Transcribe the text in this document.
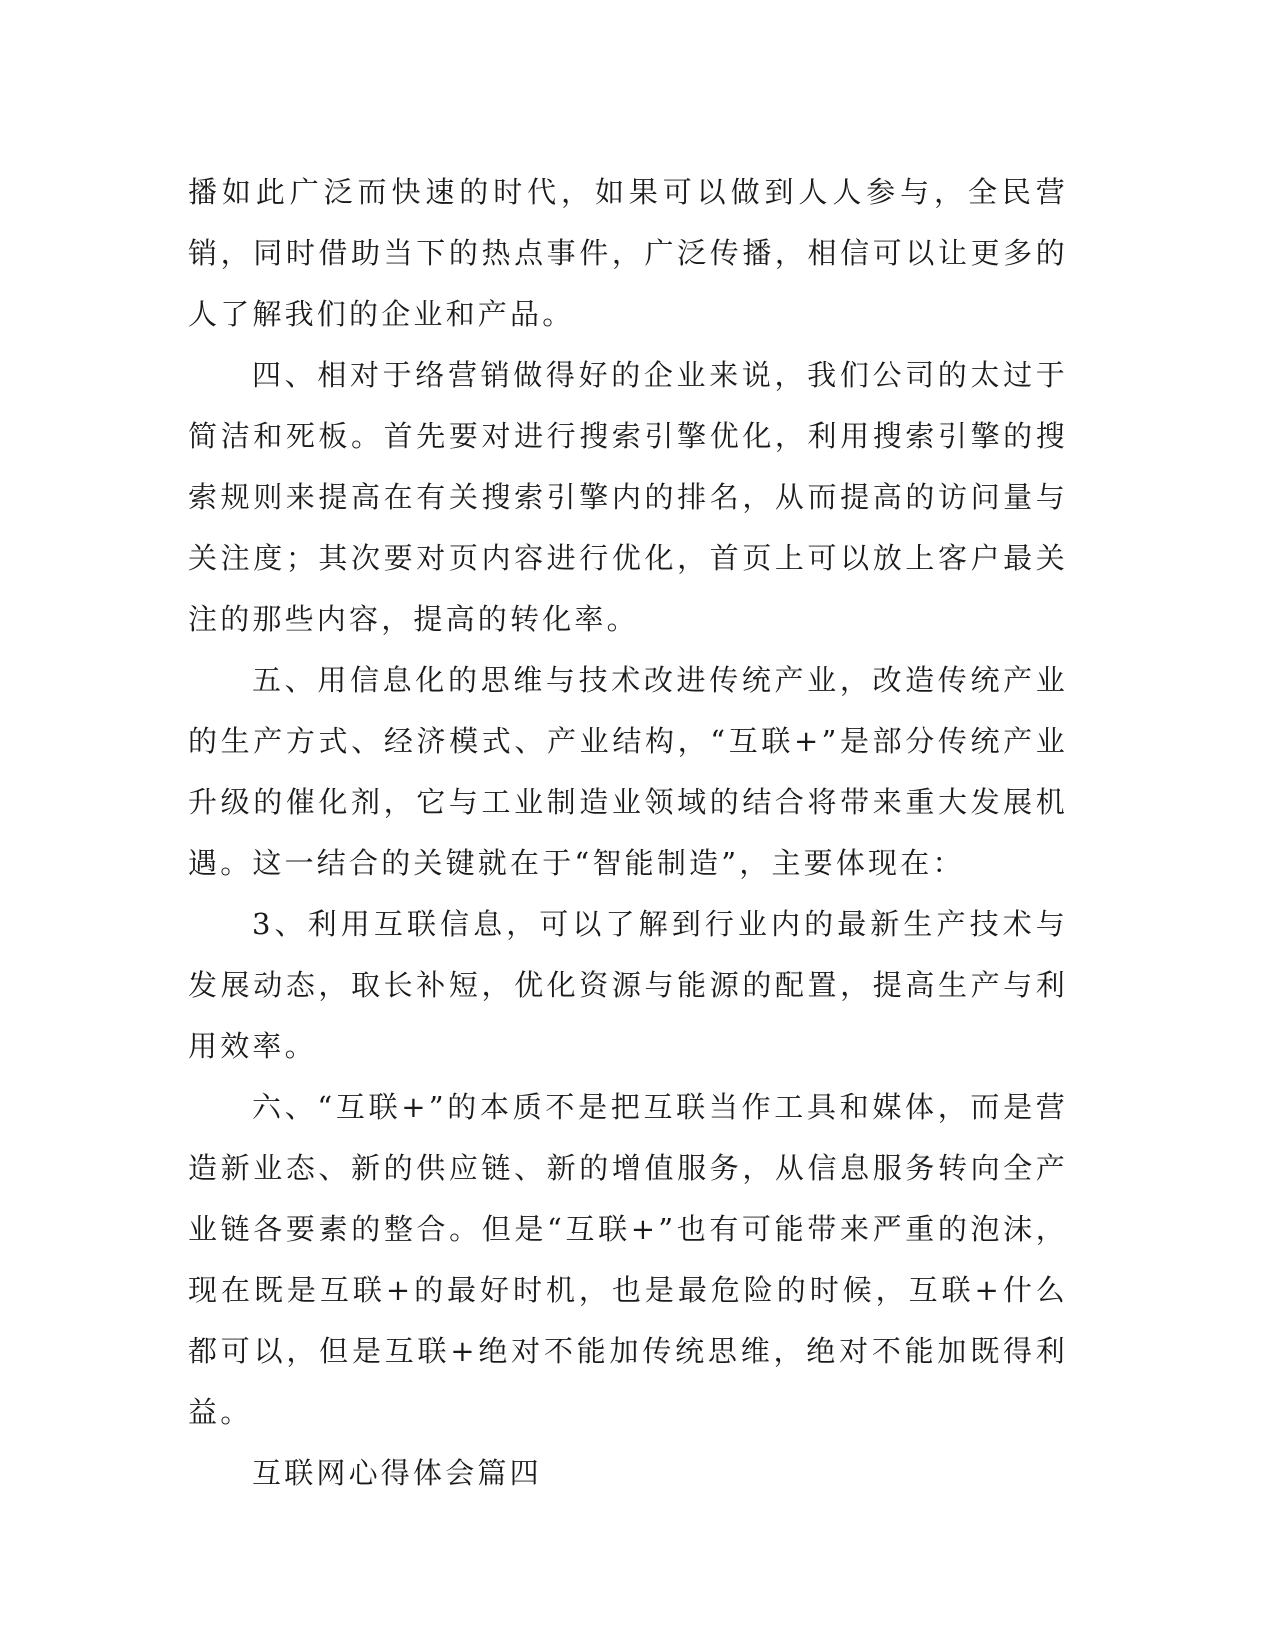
播如此广泛而快速的时代，如果可以做到人人参与，全民营销，同时借助当下的热点事件，广泛传播，相信可以让更多的人了解我们的企业和产品。

四、相对于络营销做得好的企业来说，我们公司的太过于简洁和死板。首先要对进行搜索引擎优化，利用搜索引擎的搜索规则来提高在有关搜索引擎内的排名，从而提高的访问量与关注度；其次要对页内容进行优化，首页上可以放上客户最关注的那些内容，提高的转化率。

五、用信息化的思维与技术改进传统产业，改造传统产业的生产方式、经济模式、产业结构，“互联+”是部分传统产业升级的催化剂，它与工业制造业领域的结合将带来重大发展机遇。这一结合的关键就在于“智能制造”，主要体现在：

3、利用互联信息，可以了解到行业内的最新生产技术与发展动态，取长补短，优化资源与能源的配置，提高生产与利用效率。

六、“互联+”的本质不是把互联当作工具和媒体，而是营造新业态、新的供应链、新的增值服务，从信息服务转向全产业链各要素的整合。但是“互联+”也有可能带来严重的泡沫，现在既是互联+的最好时机，也是最危险的时候，互联+什么都可以，但是互联+绝对不能加传统思维，绝对不能加既得利益。

互联网心得体会篇四
